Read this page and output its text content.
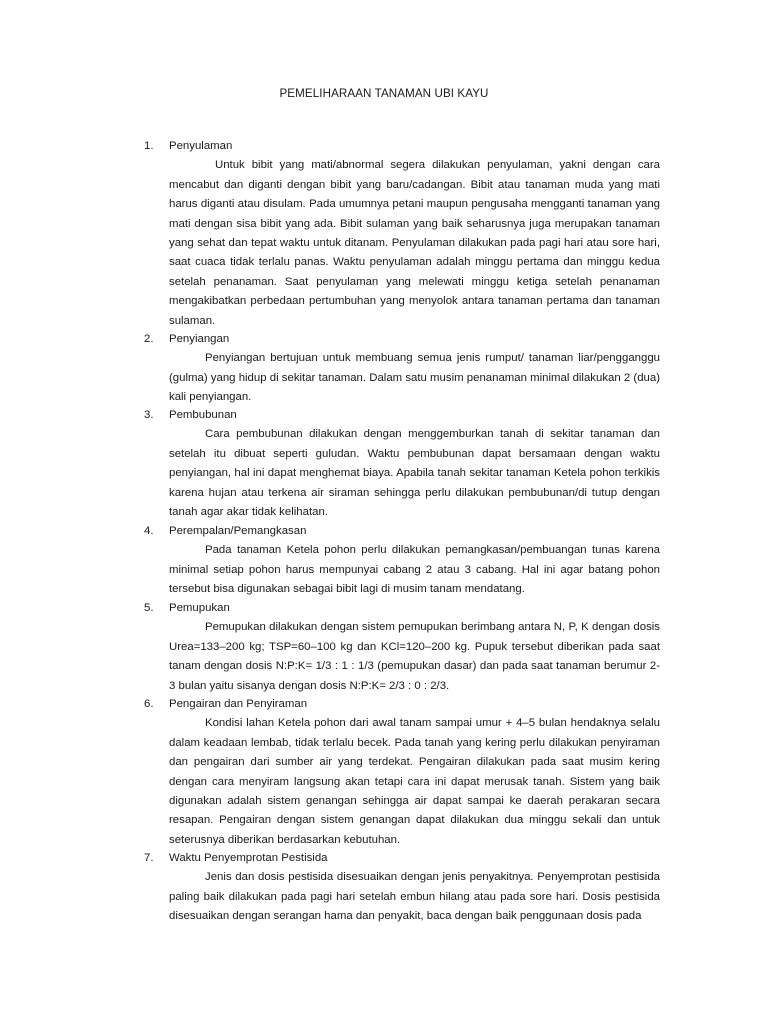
PEMELIHARAAN TANAMAN UBI KAYU
1. Penyulaman

Untuk bibit yang mati/abnormal segera dilakukan penyulaman, yakni dengan cara mencabut dan diganti dengan bibit yang baru/cadangan. Bibit atau tanaman muda yang mati harus diganti atau disulam. Pada umumnya petani maupun pengusaha mengganti tanaman yang mati dengan sisa bibit yang ada. Bibit sulaman yang baik seharusnya juga merupakan tanaman yang sehat dan tepat waktu untuk ditanam. Penyulaman dilakukan pada pagi hari atau sore hari, saat cuaca tidak terlalu panas. Waktu penyulaman adalah minggu pertama dan minggu kedua setelah penanaman. Saat penyulaman yang melewati minggu ketiga setelah penanaman mengakibatkan perbedaan pertumbuhan yang menyolok antara tanaman pertama dan tanaman sulaman.

2. Penyiangan

Penyiangan bertujuan untuk membuang semua jenis rumput/ tanaman liar/pengganggu (gulma) yang hidup di sekitar tanaman. Dalam satu musim penanaman minimal dilakukan 2 (dua) kali penyiangan.

3. Pembubunan

Cara pembubunan dilakukan dengan menggemburkan tanah di sekitar tanaman dan setelah itu dibuat seperti guludan. Waktu pembubunan dapat bersamaan dengan waktu penyiangan, hal ini dapat menghemat biaya. Apabila tanah sekitar tanaman Ketela pohon terkikis karena hujan atau terkena air siraman sehingga perlu dilakukan pembubunan/di tutup dengan tanah agar akar tidak kelihatan.

4. Perempalan/Pemangkasan

Pada tanaman Ketela pohon perlu dilakukan pemangkasan/pembuangan tunas karena minimal setiap pohon harus mempunyai cabang 2 atau 3 cabang. Hal ini agar batang pohon tersebut bisa digunakan sebagai bibit lagi di musim tanam mendatang.

5. Pemupukan

Pemupukan dilakukan dengan sistem pemupukan berimbang antara N, P, K dengan dosis Urea=133–200 kg; TSP=60–100 kg dan KCl=120–200 kg. Pupuk tersebut diberikan pada saat tanam dengan dosis N:P:K= 1/3 : 1 : 1/3 (pemupukan dasar) dan pada saat tanaman berumur 2-3 bulan yaitu sisanya dengan dosis N:P:K= 2/3 : 0 : 2/3.

6. Pengairan dan Penyiraman

Kondisi lahan Ketela pohon dari awal tanam sampai umur + 4–5 bulan hendaknya selalu dalam keadaan lembab, tidak terlalu becek. Pada tanah yang kering perlu dilakukan penyiraman dan pengairan dari sumber air yang terdekat. Pengairan dilakukan pada saat musim kering dengan cara menyiram langsung akan tetapi cara ini dapat merusak tanah. Sistem yang baik digunakan adalah sistem genangan sehingga air dapat sampai ke daerah perakaran secara resapan. Pengairan dengan sistem genangan dapat dilakukan dua minggu sekali dan untuk seterusnya diberikan berdasarkan kebutuhan.

7. Waktu Penyemprotan Pestisida

Jenis dan dosis pestisida disesuaikan dengan jenis penyakitnya. Penyemprotan pestisida paling baik dilakukan pada pagi hari setelah embun hilang atau pada sore hari. Dosis pestisida disesuaikan dengan serangan hama dan penyakit, baca dengan baik penggunaan dosis pada
